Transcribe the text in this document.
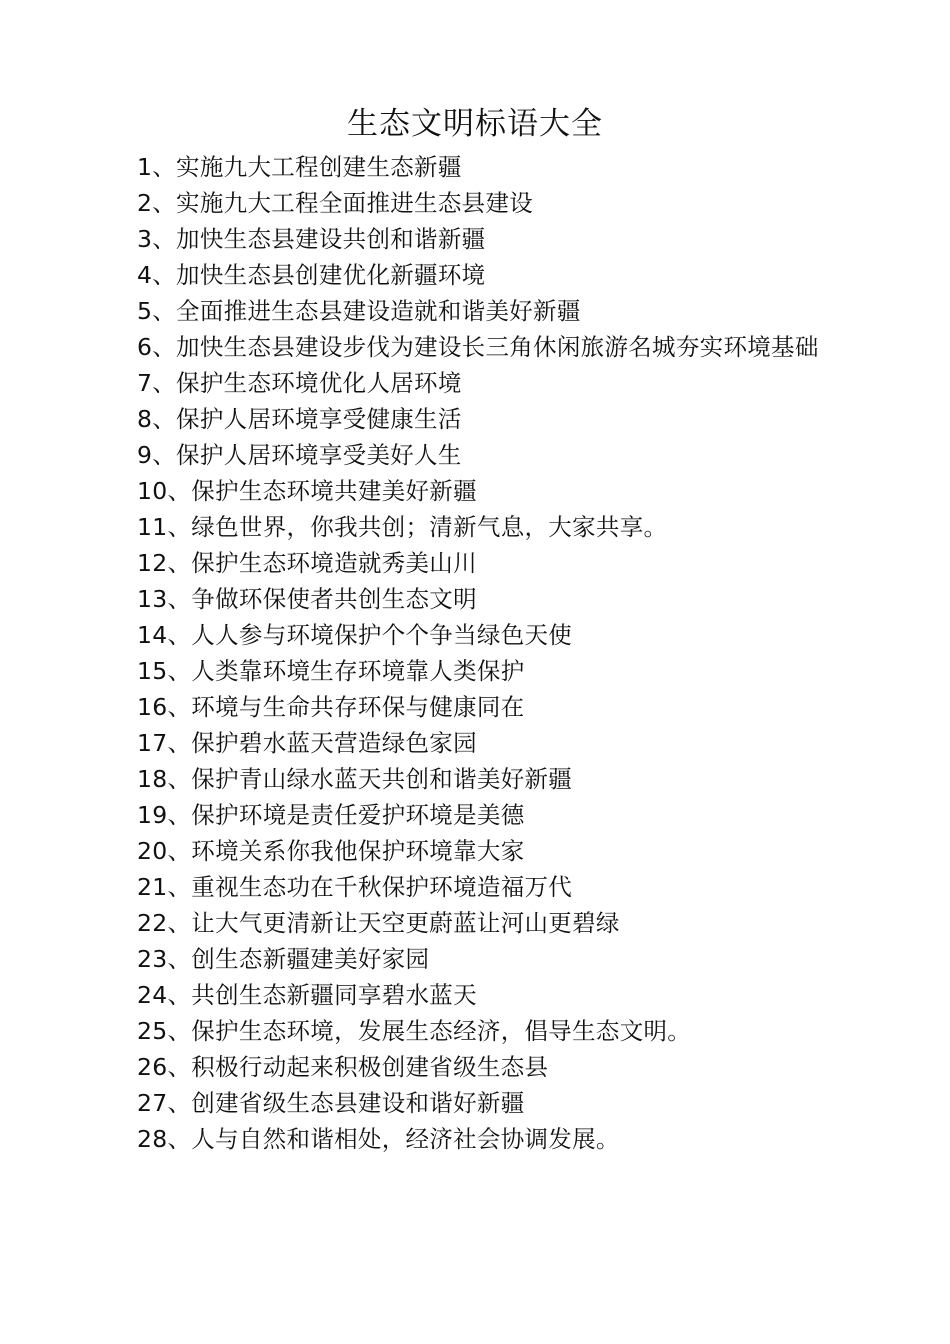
生态文明标语大全
1、实施九大工程创建生态新疆
2、实施九大工程全面推进生态县建设
3、加快生态县建设共创和谐新疆
4、加快生态县创建优化新疆环境
5、全面推进生态县建设造就和谐美好新疆
6、加快生态县建设步伐为建设长三角休闲旅游名城夯实环境基础
7、保护生态环境优化人居环境
8、保护人居环境享受健康生活
9、保护人居环境享受美好人生
10、保护生态环境共建美好新疆
11、绿色世界，你我共创；清新气息，大家共享。
12、保护生态环境造就秀美山川
13、争做环保使者共创生态文明
14、人人参与环境保护个个争当绿色天使
15、人类靠环境生存环境靠人类保护
16、环境与生命共存环保与健康同在
17、保护碧水蓝天营造绿色家园
18、保护青山绿水蓝天共创和谐美好新疆
19、保护环境是责任爱护环境是美德
20、环境关系你我他保护环境靠大家
21、重视生态功在千秋保护环境造福万代
22、让大气更清新让天空更蔚蓝让河山更碧绿
23、创生态新疆建美好家园
24、共创生态新疆同享碧水蓝天
25、保护生态环境，发展生态经济，倡导生态文明。
26、积极行动起来积极创建省级生态县
27、创建省级生态县建设和谐好新疆
28、人与自然和谐相处，经济社会协调发展。
